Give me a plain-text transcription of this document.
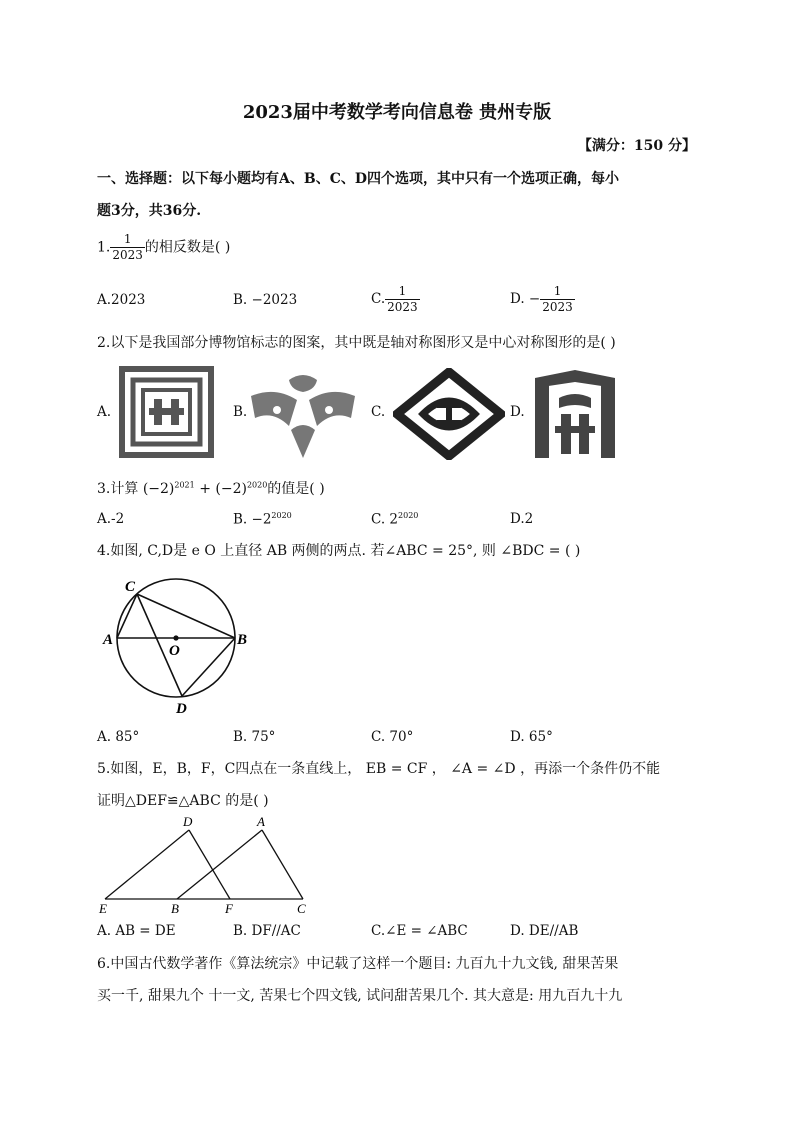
2023届中考数学考向信息卷 贵州专版
【满分：150 分】
一、选择题：以下每小题均有A、B、C、D四个选项，其中只有一个选项正确，每小
题3分，共36分.
1. $\frac{1}{2023}$ 的相反数是( )
A.2023	B. −2023	C. $\frac{1}{2023}$	D. − $\frac{1}{2023}$
2.以下是我国部分博物馆标志的图案，其中既是轴对称图形又是中心对称图形的是( )
A.	B.	C.	D.
3.计算 $(-2)^{2021} + (-2)^{2020}$的值是( )
A.-2	B. $-2^{2020}$	C. $2^{2020}$	D.2
4.如图, C,D是 e O 上直径 AB 两侧的两点. 若∠ABC = 25°, 则 ∠BDC = ( )
C
A
O
B
D
A. 85°	B. 75°	C. 70°	D. 65°
5.如图，E，B，F，C四点在一条直线上， EB = CF ， ∠A = ∠D ，再添一个条件仍不能
证明△DEF≌△ABC 的是( )
D	A
E	B	F	C
A. AB = DE	B. DF//AC	C.∠E = ∠ABC	D. DE//AB
6.中国古代数学著作《算法统宗》中记载了这样一个题目: 九百九十九文钱, 甜果苦果
买一千, 甜果九个 十一文, 苦果七个四文钱, 试问甜苦果几个. 其大意是: 用九百九十九
